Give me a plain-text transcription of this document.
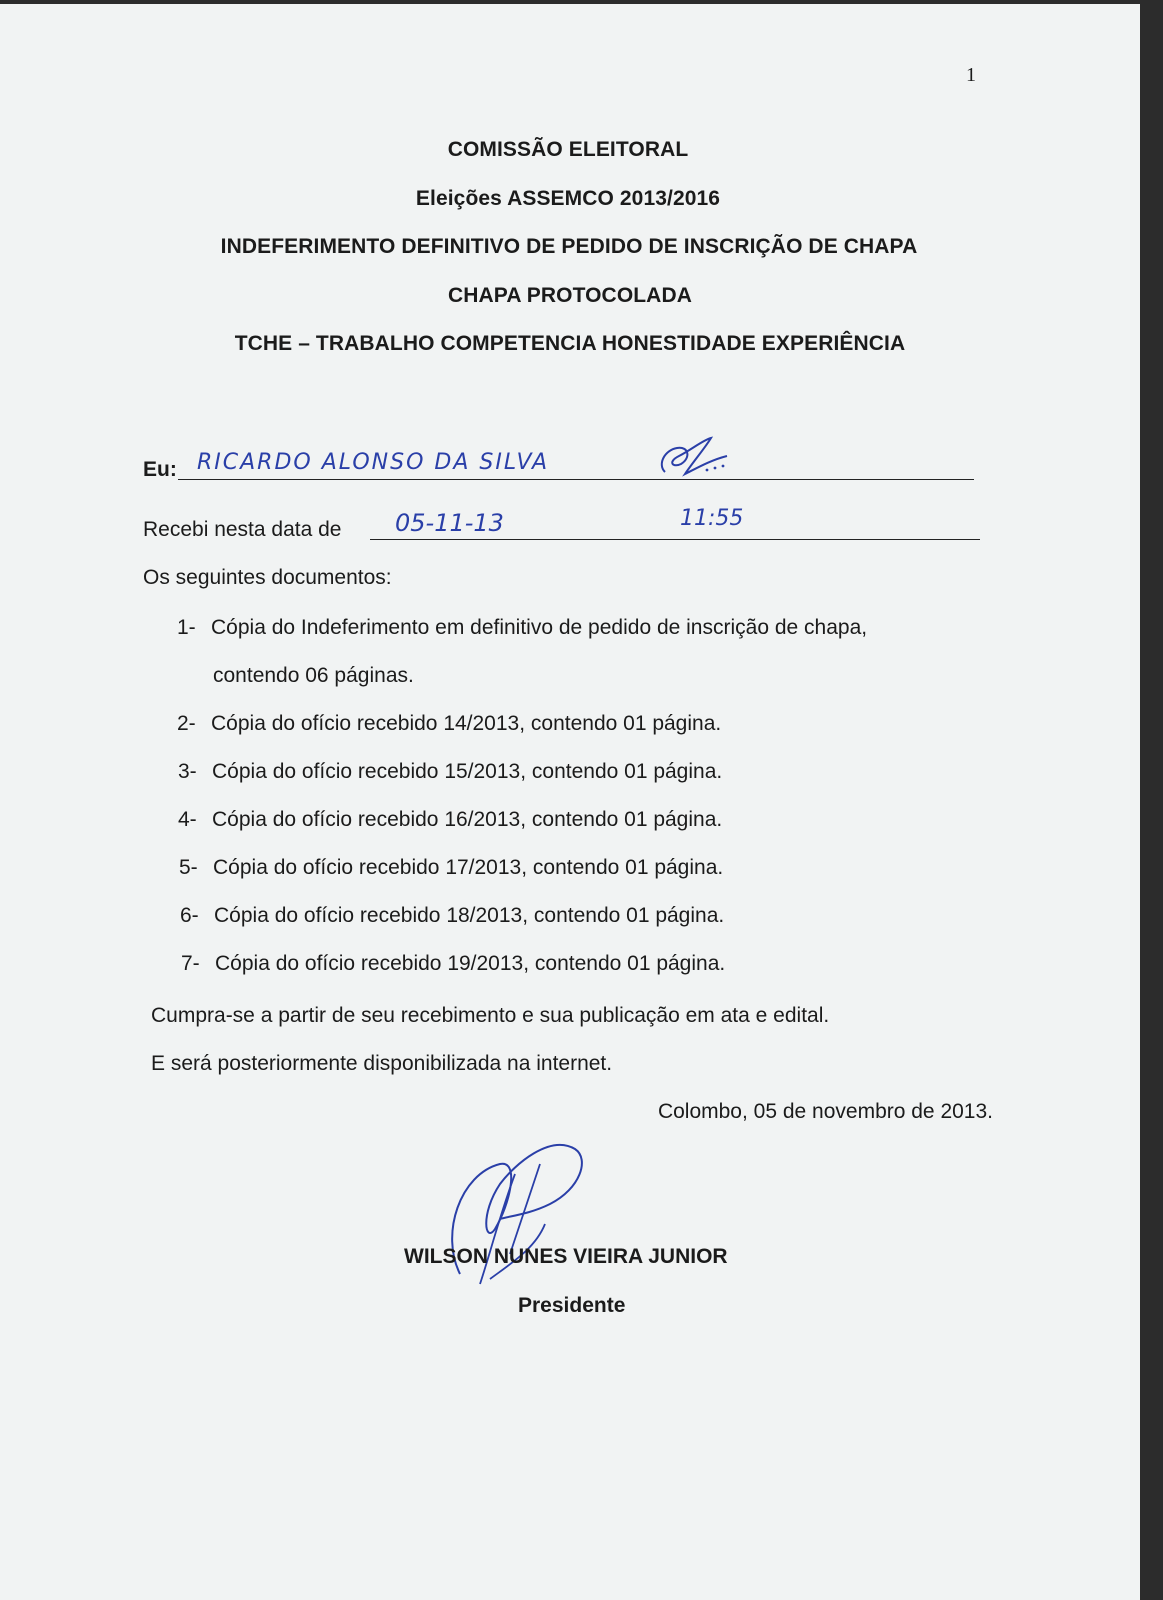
1
COMISSÃO ELEITORAL
Eleições ASSEMCO 2013/2016
INDEFERIMENTO DEFINITIVO DE PEDIDO DE INSCRIÇÃO DE CHAPA
CHAPA PROTOCOLADA
TCHE – TRABALHO COMPETENCIA HONESTIDADE EXPERIÊNCIA
Eu: RICARDO ALONSO DA SILVA
Recebi nesta data de 05-11-13	11:55
Os seguintes documentos:
1- Cópia do Indeferimento em definitivo de pedido de inscrição de chapa,
contendo 06 páginas.
2- Cópia do ofício recebido 14/2013, contendo 01 página.
3- Cópia do ofício recebido 15/2013, contendo 01 página.
4- Cópia do ofício recebido 16/2013, contendo 01 página.
5- Cópia do ofício recebido 17/2013, contendo 01 página.
6- Cópia do ofício recebido 18/2013, contendo 01 página.
7- Cópia do ofício recebido 19/2013, contendo 01 página.
Cumpra-se a partir de seu recebimento e sua publicação em ata e edital.
E será posteriormente disponibilizada na internet.
Colombo, 05 de novembro de 2013.
WILSON NUNES VIEIRA JUNIOR
Presidente
